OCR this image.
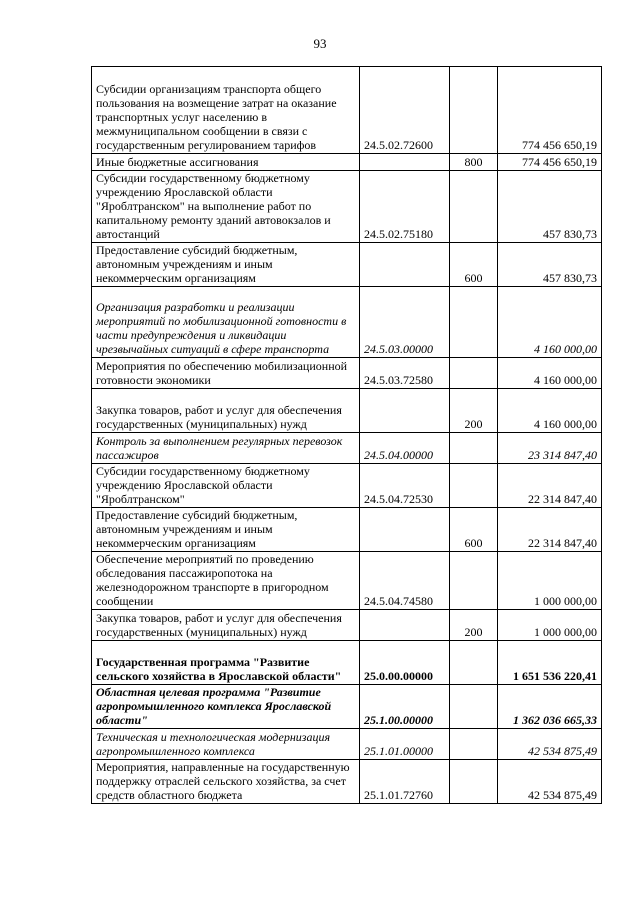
93
Субсидии организациям транспорта общего пользования на возмещение затрат на оказание транспортных услуг населению в межмуниципальном сообщении в связи с государственным регулированием тарифов	24.5.02.72600		774 456 650,19
Иные бюджетные ассигнования		800	774 456 650,19
Субсидии государственному бюджетному учреждению Ярославской области "Яроблтранском" на выполнение работ по капитальному ремонту зданий автовокзалов и автостанций	24.5.02.75180		457 830,73
Предоставление субсидий бюджетным, автономным учреждениям и иным некоммерческим организациям		600	457 830,73
Организация разработки и реализации мероприятий по мобилизационной готовности в части предупреждения и ликвидации чрезвычайных ситуаций в сфере транспорта	24.5.03.00000		4 160 000,00
Мероприятия по обеспечению мобилизационной готовности экономики	24.5.03.72580		4 160 000,00
Закупка товаров, работ и услуг для обеспечения государственных (муниципальных) нужд		200	4 160 000,00
Контроль за выполнением регулярных перевозок пассажиров	24.5.04.00000		23 314 847,40
Субсидии государственному бюджетному учреждению Ярославской области "Яроблтранском"	24.5.04.72530		22 314 847,40
Предоставление субсидий бюджетным, автономным учреждениям и иным некоммерческим организациям		600	22 314 847,40
Обеспечение мероприятий по проведению обследования пассажиропотока на железнодорожном транспорте в пригородном сообщении	24.5.04.74580		1 000 000,00
Закупка товаров, работ и услуг для обеспечения государственных (муниципальных) нужд		200	1 000 000,00
Государственная программа "Развитие сельского хозяйства в Ярославской области"	25.0.00.00000		1 651 536 220,41
Областная целевая программа "Развитие агропромышленного комплекса Ярославской области"	25.1.00.00000		1 362 036 665,33
Техническая и технологическая модернизация агропромышленного комплекса	25.1.01.00000		42 534 875,49
Мероприятия, направленные на государственную поддержку отраслей сельского хозяйства, за счет средств областного бюджета	25.1.01.72760		42 534 875,49
